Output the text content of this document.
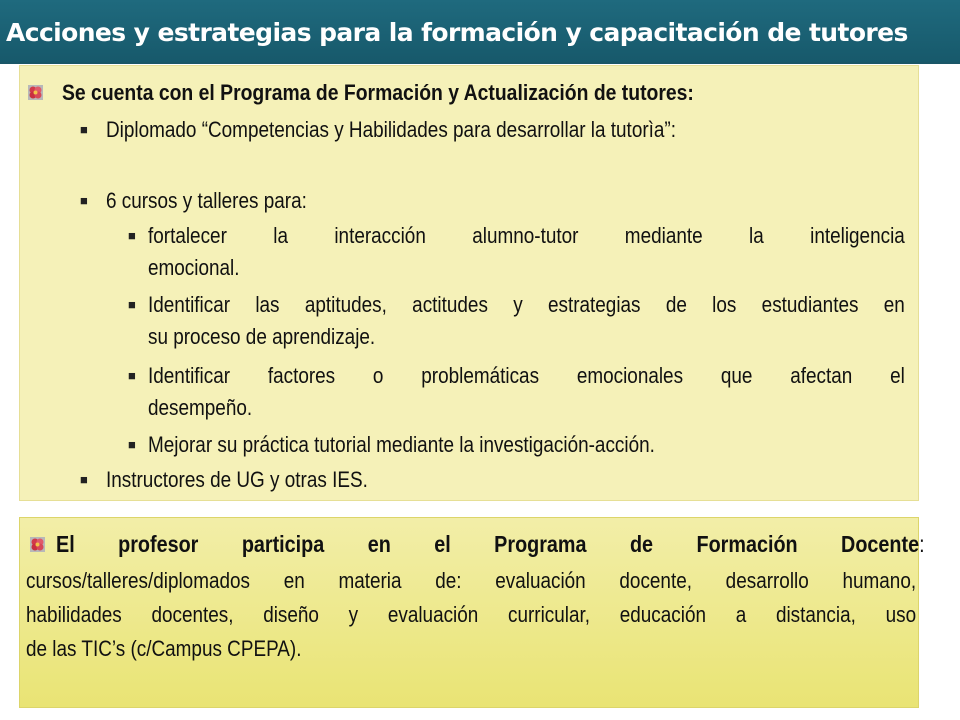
Acciones y estrategias para la formación y capacitación de tutores
Se cuenta con el Programa de Formación y Actualización de tutores:
■ Diplomado “Competencias y Habilidades para desarrollar la tutorìa”:
■ 6 cursos y talleres para:
■ fortalecer la interacción alumno-tutor mediante la inteligencia
emocional.
■ Identificar las aptitudes, actitudes y estrategias de los estudiantes en
su proceso de aprendizaje.
■ Identificar factores o problemáticas emocionales que afectan el
desempeño.
■ Mejorar su práctica tutorial mediante la investigación-acción.
■ Instructores de UG y otras IES.
El profesor participa en el Programa de Formación Docente:
cursos/talleres/diplomados en materia de: evaluación docente, desarrollo humano,
habilidades docentes, diseño y evaluación curricular, educación a distancia, uso
de las TIC’s (c/Campus CPEPA).
